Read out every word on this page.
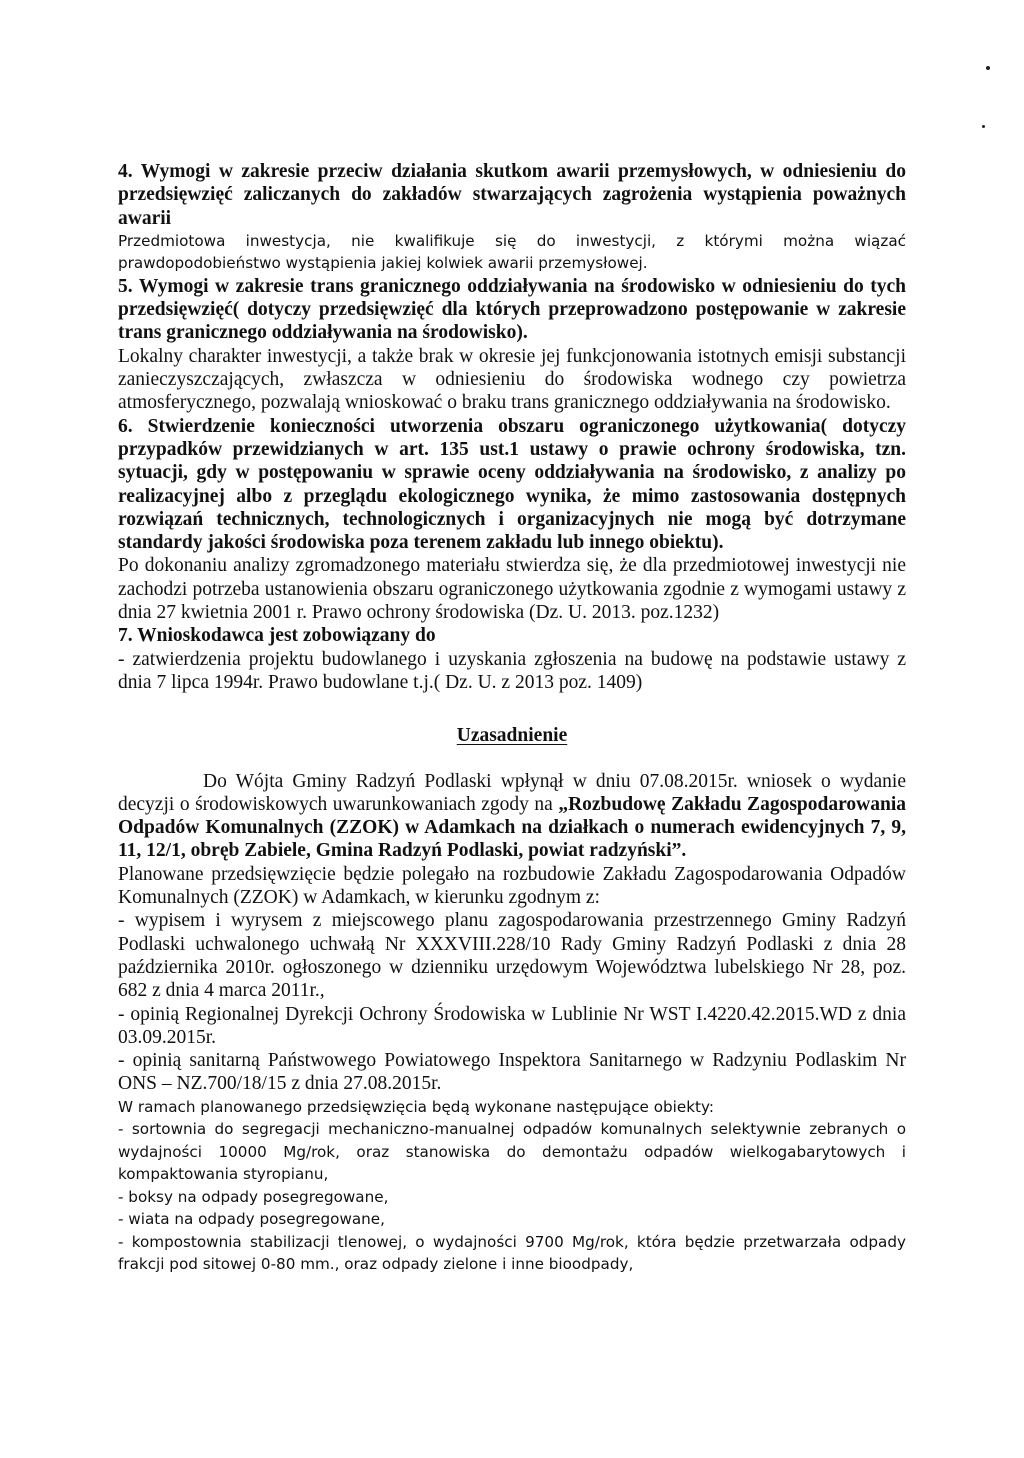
4. Wymogi w zakresie przeciw działania skutkom awarii przemysłowych, w odniesieniu do przedsięwzięć zaliczanych do zakładów stwarzających zagrożenia wystąpienia poważnych awarii

Przedmiotowa inwestycja, nie kwalifikuje się do inwestycji, z którymi można wiązać prawdopodobieństwo wystąpienia jakiej kolwiek awarii przemysłowej.

5. Wymogi w zakresie trans granicznego oddziaływania na środowisko w odniesieniu do tych przedsięwzięć( dotyczy przedsięwzięć dla których przeprowadzono postępowanie w zakresie trans granicznego oddziaływania na środowisko).

Lokalny charakter inwestycji, a także brak w okresie jej funkcjonowania istotnych emisji substancji zanieczyszczających, zwłaszcza w odniesieniu do środowiska wodnego czy powietrza atmosferycznego, pozwalają wnioskować o braku trans granicznego oddziaływania na środowisko.

6. Stwierdzenie konieczności utworzenia obszaru ograniczonego użytkowania( dotyczy przypadków przewidzianych w art. 135 ust.1 ustawy o prawie ochrony środowiska, tzn. sytuacji, gdy w postępowaniu w sprawie oceny oddziaływania na środowisko, z analizy po realizacyjnej albo z przeglądu ekologicznego wynika, że mimo zastosowania dostępnych rozwiązań technicznych, technologicznych i organizacyjnych nie mogą być dotrzymane standardy jakości środowiska poza terenem zakładu lub innego obiektu).

Po dokonaniu analizy zgromadzonego materiału stwierdza się, że dla przedmiotowej inwestycji nie zachodzi potrzeba ustanowienia obszaru ograniczonego użytkowania zgodnie z wymogami ustawy z dnia 27 kwietnia 2001 r. Prawo ochrony środowiska (Dz. U. 2013. poz.1232)

7. Wnioskodawca jest zobowiązany do

- zatwierdzenia projektu budowlanego i uzyskania zgłoszenia na budowę na podstawie ustawy z dnia 7 lipca 1994r. Prawo budowlane t.j.( Dz. U. z 2013 poz. 1409)

Uzasadnienie

Do Wójta Gminy Radzyń Podlaski wpłynął w dniu 07.08.2015r. wniosek o wydanie decyzji o środowiskowych uwarunkowaniach zgody na „Rozbudowę Zakładu Zagospodarowania Odpadów Komunalnych (ZZOK) w Adamkach na działkach o numerach ewidencyjnych 7, 9, 11, 12/1, obręb Zabiele, Gmina Radzyń Podlaski, powiat radzyński”.

Planowane przedsięwzięcie będzie polegało na rozbudowie Zakładu Zagospodarowania Odpadów Komunalnych (ZZOK) w Adamkach, w kierunku zgodnym z:

- wypisem i wyrysem z miejscowego planu zagospodarowania przestrzennego Gminy Radzyń Podlaski uchwalonego uchwałą Nr XXXVIII.228/10 Rady Gminy Radzyń Podlaski z dnia 28 października 2010r. ogłoszonego w dzienniku urzędowym Województwa lubelskiego Nr 28, poz. 682 z dnia 4 marca 2011r.,

- opinią Regionalnej Dyrekcji Ochrony Środowiska w Lublinie Nr WST I.4220.42.2015.WD z dnia 03.09.2015r.

- opinią sanitarną Państwowego Powiatowego Inspektora Sanitarnego w Radzyniu Podlaskim Nr ONS – NZ.700/18/15 z dnia 27.08.2015r.

W ramach planowanego przedsięwzięcia będą wykonane następujące obiekty:

- sortownia do segregacji mechaniczno-manualnej odpadów komunalnych selektywnie zebranych o wydajności 10000 Mg/rok, oraz stanowiska do demontażu odpadów wielkogabarytowych i kompaktowania styropianu,

- boksy na odpady posegregowane,

- wiata na odpady posegregowane,

- kompostownia stabilizacji tlenowej, o wydajności 9700 Mg/rok, która będzie przetwarzała odpady frakcji pod sitowej 0-80 mm., oraz odpady zielone i inne bioodpady,
